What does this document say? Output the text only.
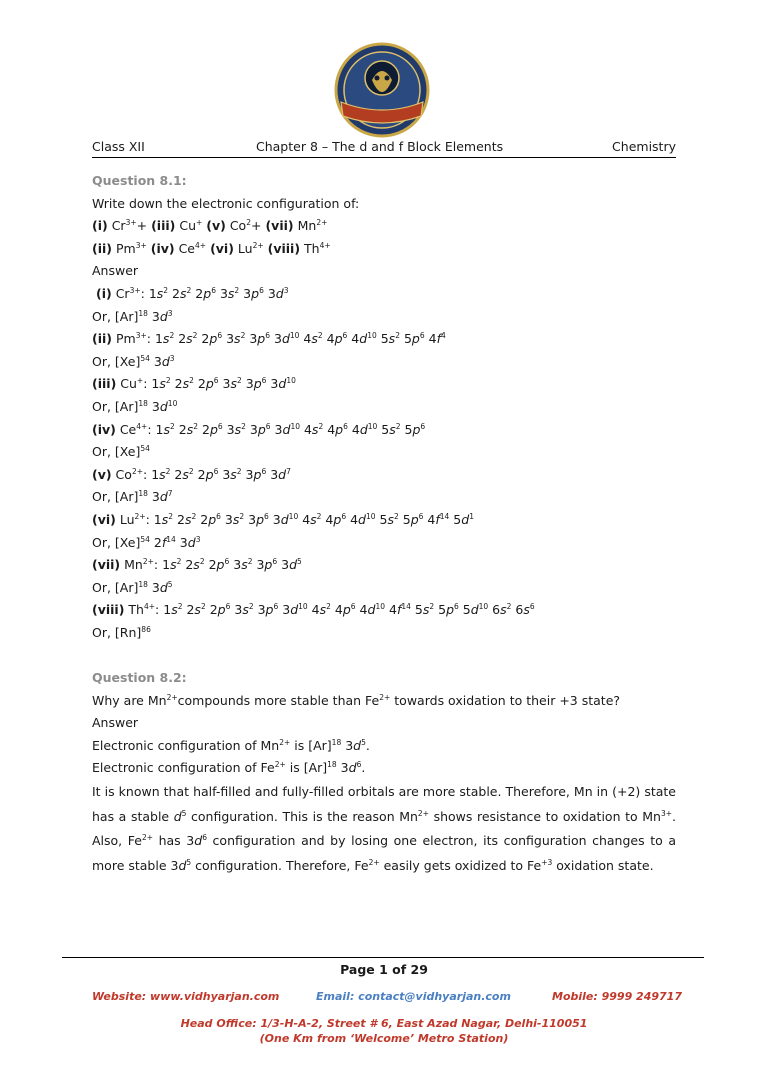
Class XII	Chapter 8 – The d and f Block Elements	Chemistry
Question 8.1:
Write down the electronic configuration of:
(i) $Cr^{3+}+ (iii)$ Cu+ (v) $Co^2+ (vii)$ $Mn^{2+}$
(ii) $Pm^{3+}$ (iv) $Ce^{4+}$ (vi) $Lu^{2+}$ (viii) $Th^{4+}$
Answer
(i) $Cr^{3+}$: $1s^2$ $2s^2$ $2p^6$ $3s^2$ $3p^6$ $3d^3$
Or, $[Ar]^{18}$ $3d^3$
(ii) $Pm^{3+}$: $1s^2$ $2s^2$ $2p^6$ $3s^2$ $3p^6$ $3d^{10}$ $4s^2$ $4p^6$ $4d^{10}$ $5s^2$ $5p^6$ $4f^4$
Or, $[Xe]^{54}$ $3d^3$
(iii) Cu+: $1s^2$ $2s^2$ $2p^6$ $3s^2$ $3p^6$ $3d^{10}$
Or, $[Ar]^{18}$ $3d^{10}$
(iv) $Ce^{4+}$: $1s^2$ $2s^2$ $2p^6$ $3s^2$ $3p^6$ $3d^{10}$ $4s^2$ $4p^6$ $4d^{10}$ $5s^2$ $5p^6$
Or, $[Xe]^{54}$
(v) $Co^{2+}$: $1s^2$ $2s^2$ $2p^6$ $3s^2$ $3p^6$ $3d^7$
Or, $[Ar]^{18}$ $3d^7$
(vi) $Lu^{2+}$: $1s^2$ $2s^2$ $2p^6$ $3s^2$ $3p^6$ $3d^{10}$ $4s^2$ $4p^6$ $4d^{10}$ $5s^2$ $5p^6$ $4f^{14}$ $5d^1$
Or, $[Xe]^{54}$ $2f^{14}$ $3d^3$
(vii) $Mn^{2+}$: $1s^2$ $2s^2$ $2p^6$ $3s^2$ $3p^6$ $3d^5$
Or, $[Ar]^{18}$ $3d^5$
(viii) $Th^{4+}$: $1s^2$ $2s^2$ $2p^6$ $3s^2$ $3p^6$ $3d^{10}$ $4s^2$ $4p^6$ $4d^{10}$ $4f^{14}$ $5s^2$ $5p^6$ $5d^{10}$ $6s^2$ $6s^6$
Or, $[Rn]^{86}$
Question 8.2:
Why are $Mn^{2+}compounds$ more stable than $Fe^{2+}$ towards oxidation to their +3 state?
Answer
Electronic configuration of $Mn^{2+}$ is $[Ar]^{18}$ $3d^5$.
Electronic configuration of $Fe^{2+}$ is $[Ar]^{18}$ $3d^6$.

It is known that half-filled and fully-filled orbitals are more stable. Therefore, Mn in (+2) state has a stable $d^5$ configuration. This is the reason $Mn^{2+}$ shows resistance to oxidation to $Mn^{3+}$. Also, $Fe^{2+}$ has $3d^6$ configuration and by losing one electron, its configuration changes to a more stable $3d^5$ configuration. Therefore, $Fe^{2+}$ easily gets oxidized to $Fe^{+3}$ oxidation state.

Page 1 of 29
Website: www.vidhyarjan.com	Email: contact@vidhyarjan.com	Mobile: 9999 249717
Head Office: 1/3-H-A-2, Street # 6, East Azad Nagar, Delhi-110051
(One Km from ‘Welcome’ Metro Station)
